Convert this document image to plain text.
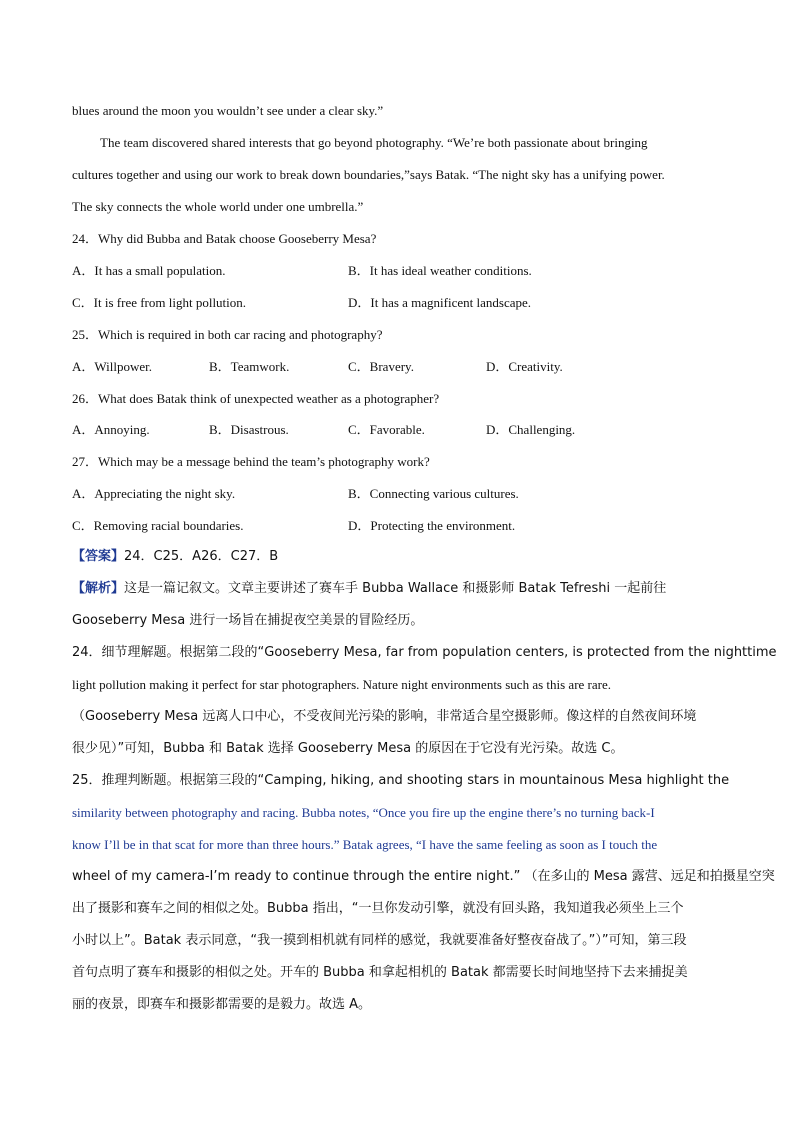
blues around the moon you wouldn’t see under a clear sky.”
The team discovered shared interests that go beyond photography. “We’re both passionate about bringing
cultures together and using our work to break down boundaries,”says Batak. “The night sky has a unifying power.
The sky connects the whole world under one umbrella.”
24．Why did Bubba and Batak choose Gooseberry Mesa?
A．It has a small population.	B．It has ideal weather conditions.
C．It is free from light pollution.	D．It has a magnificent landscape.
25．Which is required in both car racing and photography?
A．Willpower.	B．Teamwork.	C．Bravery.	D．Creativity.
26．What does Batak think of unexpected weather as a photographer?
A．Annoying.	B．Disastrous.	C．Favorable.	D．Challenging.
27．Which may be a message behind the team’s photography work?
A．Appreciating the night sky.	B．Connecting various cultures.
C．Removing racial boundaries.	D．Protecting the environment.
【答案】24．C25．A26．C27．B
【解析】这是一篇记叙文。文章主要讲述了赛车手 Bubba Wallace 和摄影师 Batak Tefreshi 一起前往
Gooseberry Mesa 进行一场旨在捕捉夜空美景的冒险经历。
24．细节理解题。根据第二段的“Gooseberry Mesa, far from population centers, is protected from the nighttime
light pollution making it perfect for star photographers. Nature night environments such as this are rare.
（Gooseberry Mesa 远离人口中心，不受夜间光污染的影响，非常适合星空摄影师。像这样的自然夜间环境
很少见）”可知，Bubba 和 Batak 选择 Gooseberry Mesa 的原因在于它没有光污染。故选 C。
25．推理判断题。根据第三段的“Camping, hiking, and shooting stars in mountainous Mesa highlight the
similarity between photography and racing. Bubba notes, “Once you fire up the engine there’s no turning back-I
know I’ll be in that scat for more than three hours.” Batak agrees, “I have the same feeling as soon as I touch the
wheel of my camera-I’m ready to continue through the entire night.” （在多山的 Mesa 露营、远足和拍摄星空突
出了摄影和赛车之间的相似之处。Bubba 指出，“一旦你发动引擎，就没有回头路，我知道我必须坐上三个
小时以上”。Batak 表示同意，“我一摸到相机就有同样的感觉，我就要准备好整夜奋战了。”）”可知，第三段
首句点明了赛车和摄影的相似之处。开车的 Bubba 和拿起相机的 Batak 都需要长时间地坚持下去来捕捉美
丽的夜景，即赛车和摄影都需要的是毅力。故选 A。
